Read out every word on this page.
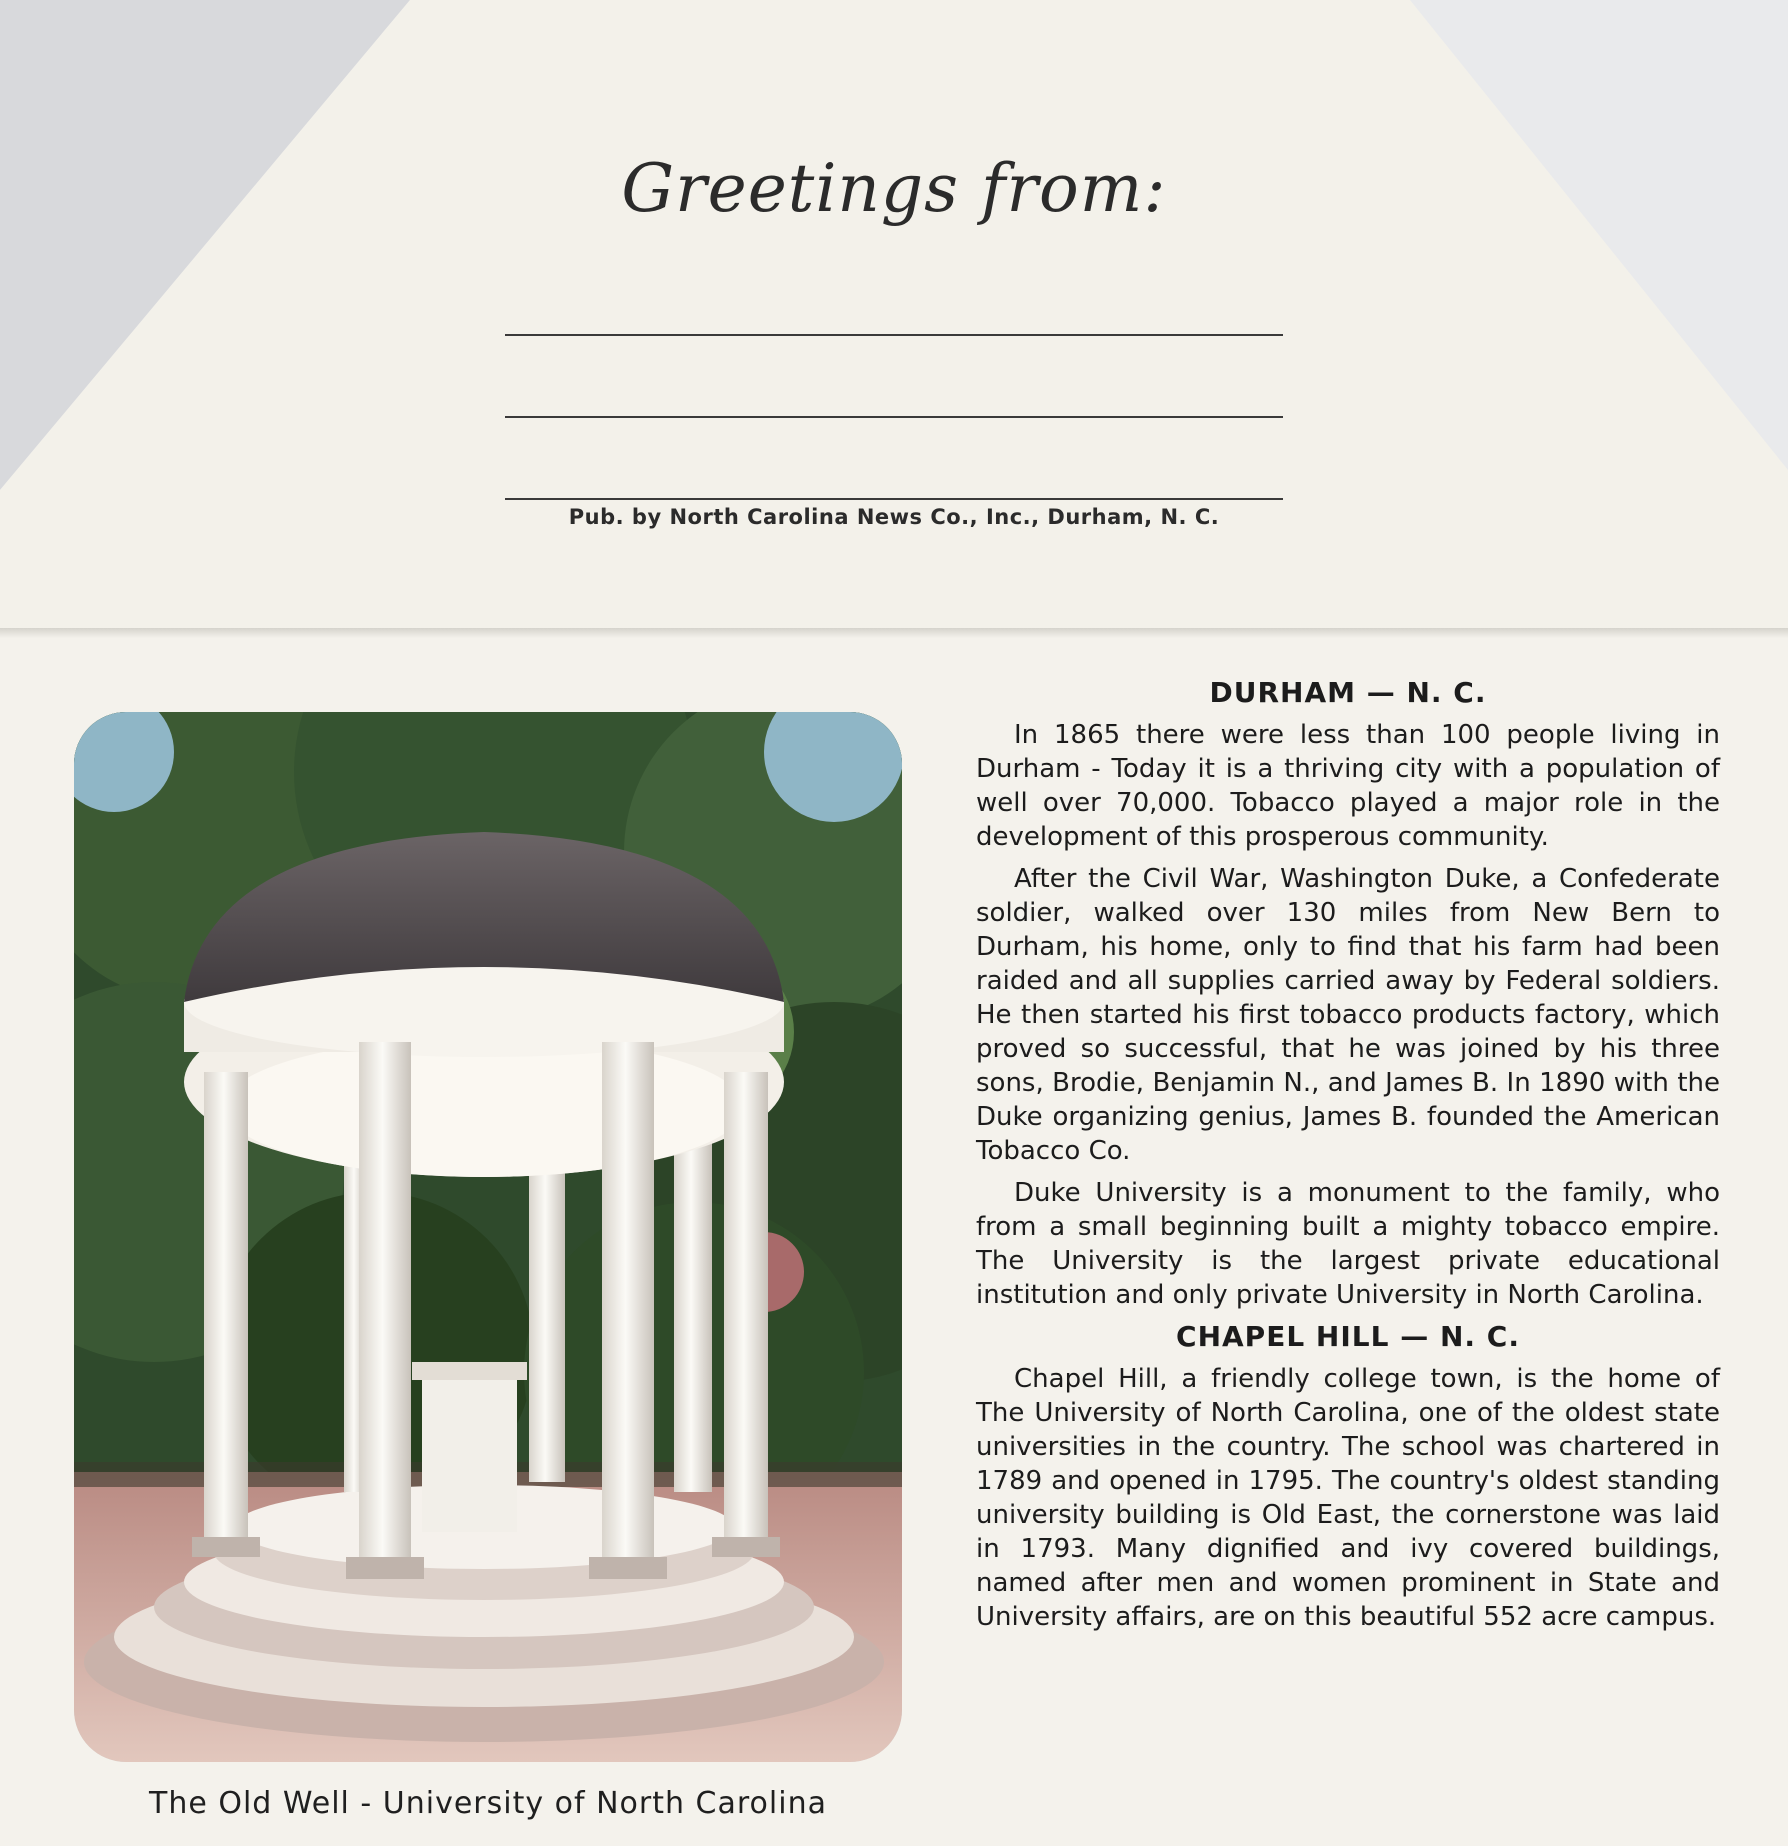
Greetings from:
Pub. by North Carolina News Co., Inc., Durham, N. C.
The Old Well - University of North Carolina
DURHAM — N. C.

In 1865 there were less than 100 people living in Durham - Today it is a thriving city with a population of well over 70,000. Tobacco played a major role in the development of this prosperous community.

After the Civil War, Washington Duke, a Confederate soldier, walked over 130 miles from New Bern to Durham, his home, only to find that his farm had been raided and all supplies carried away by Federal soldiers. He then started his first tobacco products factory, which proved so successful, that he was joined by his three sons, Brodie, Benjamin N., and James B. In 1890 with the Duke organizing genius, James B. founded the American Tobacco Co.

Duke University is a monument to the family, who from a small beginning built a mighty tobacco empire. The University is the largest private educational institution and only private University in North Carolina.

CHAPEL HILL — N. C.

Chapel Hill, a friendly college town, is the home of The University of North Carolina, one of the oldest state universities in the country. The school was chartered in 1789 and opened in 1795. The country's oldest standing university building is Old East, the cornerstone was laid in 1793. Many dignified and ivy covered buildings, named after men and women prominent in State and University affairs, are on this beautiful 552 acre campus.
